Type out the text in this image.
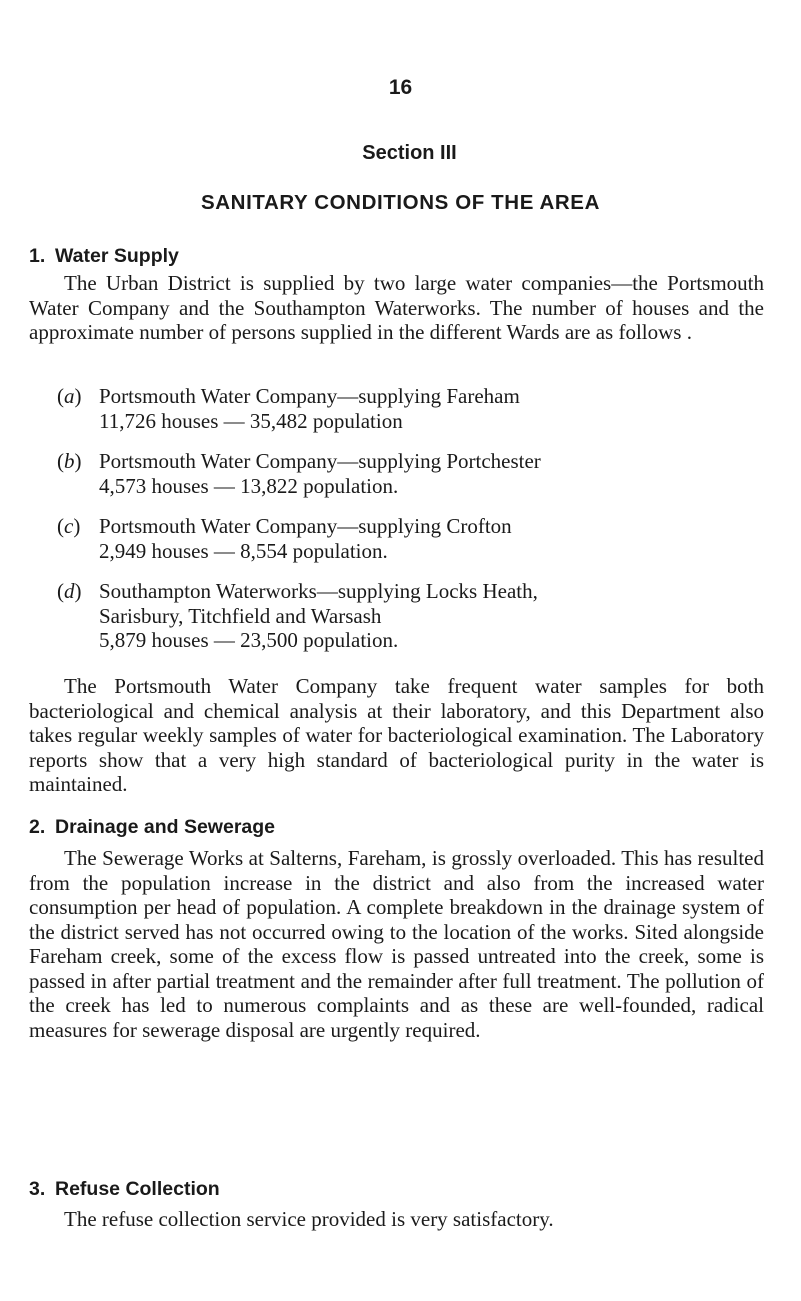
16
Section III
SANITARY CONDITIONS OF THE AREA
1. Water Supply

The Urban District is supplied by two large water companies—the Portsmouth Water Company and the Southampton Waterworks. The number of houses and the approximate number of persons supplied in the different Wards are as follows .

(a) Portsmouth Water Company—supplying Fareham
11,726 houses — 35,482 population
(b) Portsmouth Water Company—supplying Portchester
4,573 houses — 13,822 population.
(c) Portsmouth Water Company—supplying Crofton
2,949 houses — 8,554 population.
(d) Southampton Waterworks—supplying Locks Heath,
Sarisbury, Titchfield and Warsash
5,879 houses — 23,500 population.

The Portsmouth Water Company take frequent water samples for both bacteriological and chemical analysis at their laboratory, and this Department also takes regular weekly samples of water for bacteriological examination. The Laboratory reports show that a very high standard of bacteriological purity in the water is maintained.

2. Drainage and Sewerage

The Sewerage Works at Salterns, Fareham, is grossly overloaded. This has resulted from the population increase in the district and also from the increased water consumption per head of population. A complete breakdown in the drainage system of the district served has not occurred owing to the location of the works. Sited alongside Fareham creek, some of the excess flow is passed untreated into the creek, some is passed in after partial treatment and the remainder after full treatment. The pollution of the creek has led to numerous complaints and as these are well-founded, radical measures for sewerage disposal are urgently required.

3. Refuse Collection

The refuse collection service provided is very satisfactory.
